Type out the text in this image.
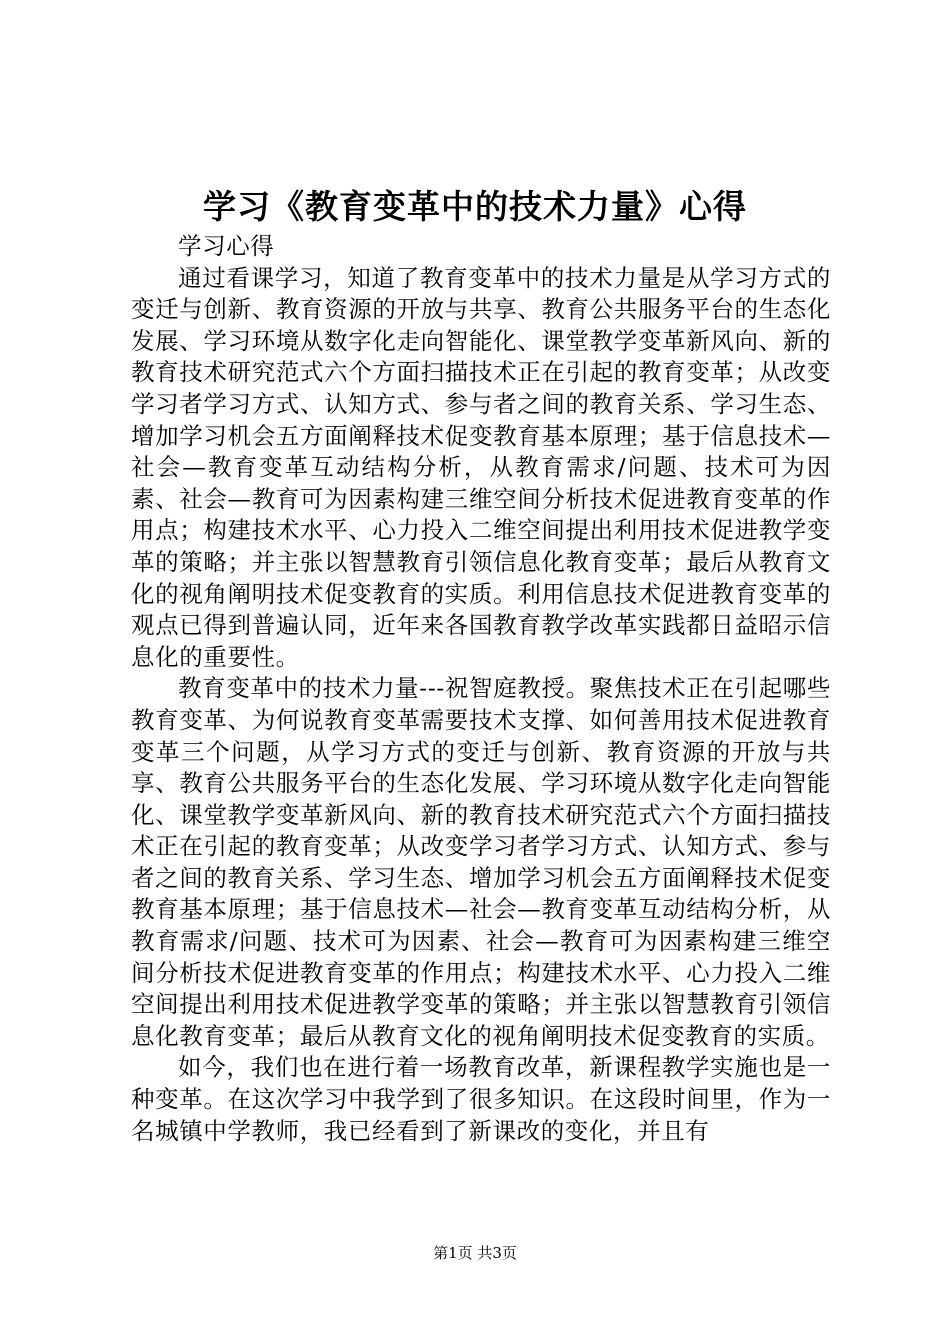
学习《教育变革中的技术力量》心得

学习心得

通过看课学习，知道了教育变革中的技术力量是从学习方式的变迁与创新、教育资源的开放与共享、教育公共服务平台的生态化发展、学习环境从数字化走向智能化、课堂教学变革新风向、新的教育技术研究范式六个方面扫描技术正在引起的教育变革；从改变学习者学习方式、认知方式、参与者之间的教育关系、学习生态、增加学习机会五方面阐释技术促变教育基本原理；基于信息技术—社会—教育变革互动结构分析，从教育需求/问题、技术可为因素、社会—教育可为因素构建三维空间分析技术促进教育变革的作用点；构建技术水平、心力投入二维空间提出利用技术促进教学变革的策略；并主张以智慧教育引领信息化教育变革；最后从教育文化的视角阐明技术促变教育的实质。利用信息技术促进教育变革的观点已得到普遍认同，近年来各国教育教学改革实践都日益昭示信息化的重要性。

教育变革中的技术力量---祝智庭教授。聚焦技术正在引起哪些教育变革、为何说教育变革需要技术支撑、如何善用技术促进教育变革三个问题，从学习方式的变迁与创新、教育资源的开放与共享、教育公共服务平台的生态化发展、学习环境从数字化走向智能化、课堂教学变革新风向、新的教育技术研究范式六个方面扫描技术正在引起的教育变革；从改变学习者学习方式、认知方式、参与者之间的教育关系、学习生态、增加学习机会五方面阐释技术促变教育基本原理；基于信息技术—社会—教育变革互动结构分析，从教育需求/问题、技术可为因素、社会—教育可为因素构建三维空间分析技术促进教育变革的作用点；构建技术水平、心力投入二维空间提出利用技术促进教学变革的策略；并主张以智慧教育引领信息化教育变革；最后从教育文化的视角阐明技术促变教育的实质。

如今，我们也在进行着一场教育改革，新课程教学实施也是一种变革。在这次学习中我学到了很多知识。在这段时间里，作为一名城镇中学教师，我已经看到了新课改的变化，并且有

第1页 共3页
